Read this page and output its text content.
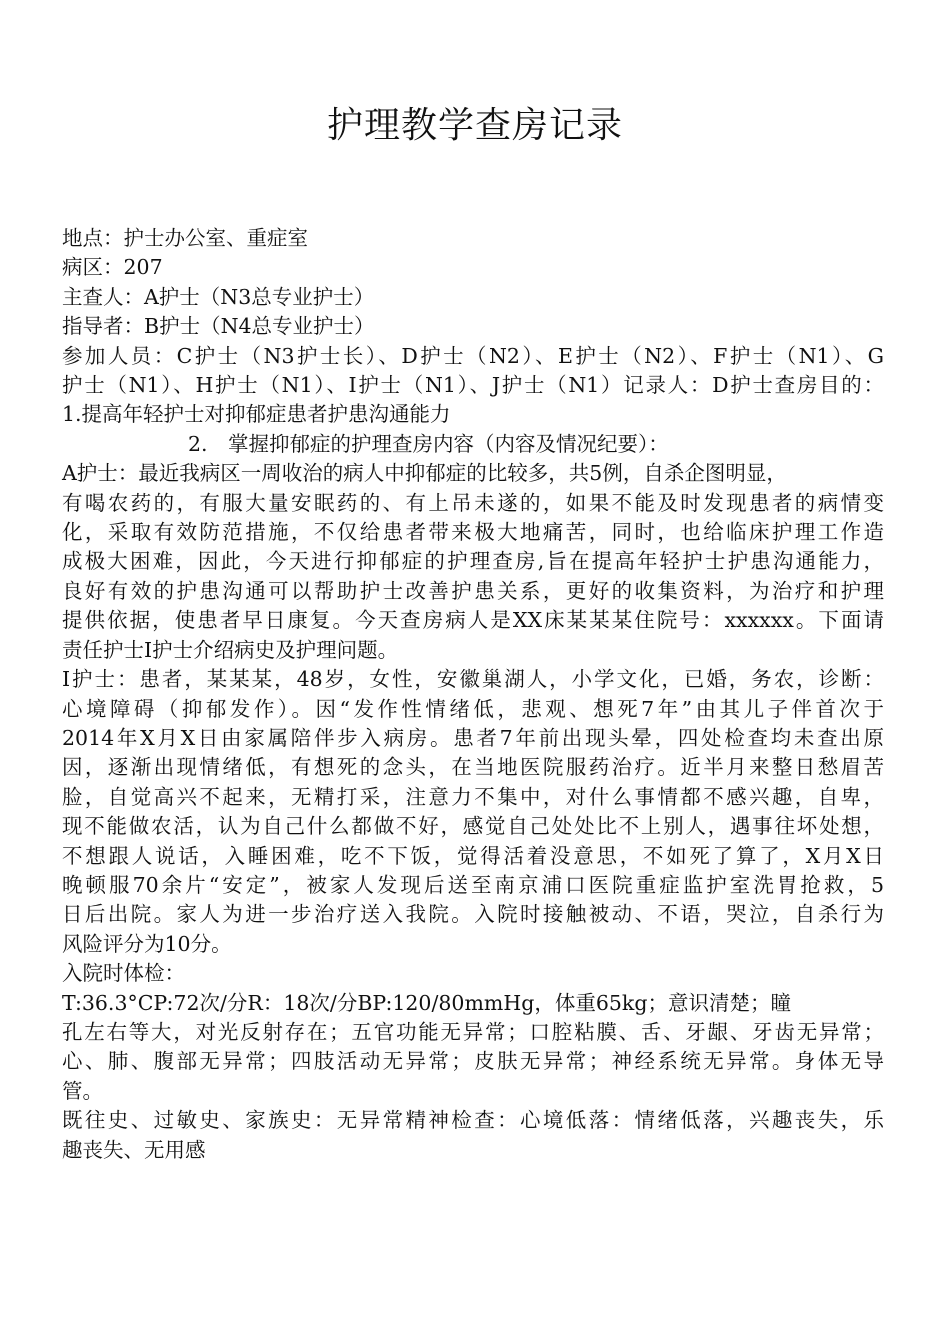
护理教学查房记录
地点：护士办公室、重症室
病区：207
主查人：A护士（N3总专业护士）
指导者：B护士（N4总专业护士）
参加人员：C护士（N3护士长）、D护士（N2）、E护士（N2）、F护士（N1）、G
护士（N1）、H护士（N1）、I护士（N1）、J护士（N1）记录人：D护士查房目的：
1.提高年轻护士对抑郁症患者护患沟通能力
2.　掌握抑郁症的护理查房内容（内容及情况纪要）：
A护士：最近我病区一周收治的病人中抑郁症的比较多，共5例，自杀企图明显，
有喝农药的，有服大量安眠药的、有上吊未遂的，如果不能及时发现患者的病情变
化，采取有效防范措施，不仅给患者带来极大地痛苦，同时，也给临床护理工作造
成极大困难，因此，今天进行抑郁症的护理查房,旨在提高年轻护士护患沟通能力，
良好有效的护患沟通可以帮助护士改善护患关系，更好的收集资料，为治疗和护理
提供依据，使患者早日康复。今天查房病人是XX床某某某住院号：xxxxxx。下面请
责任护士I护士介绍病史及护理问题。
I护士：患者，某某某，48岁，女性，安徽巢湖人，小学文化，已婚，务农，诊断：
心境障碍（抑郁发作）。因“发作性情绪低，悲观、想死7年”由其儿子伴首次于
2014年X月X日由家属陪伴步入病房。患者7年前出现头晕，四处检查均未查出原
因，逐渐出现情绪低，有想死的念头，在当地医院服药治疗。近半月来整日愁眉苦
脸，自觉高兴不起来，无精打采，注意力不集中，对什么事情都不感兴趣，自卑，
现不能做农活，认为自己什么都做不好，感觉自己处处比不上别人，遇事往坏处想，
不想跟人说话，入睡困难，吃不下饭，觉得活着没意思，不如死了算了，X月X日
晚顿服70余片“安定”，被家人发现后送至南京浦口医院重症监护室洗胃抢救，5
日后出院。家人为进一步治疗送入我院。入院时接触被动、不语，哭泣，自杀行为
风险评分为10分。
入院时体检：
T:36.3°CP:72次/分R：18次/分BP:120/80mmHg，体重65kg；意识清楚；瞳
孔左右等大，对光反射存在；五官功能无异常；口腔粘膜、舌、牙龈、牙齿无异常；
心、肺、腹部无异常；四肢活动无异常；皮肤无异常；神经系统无异常。身体无导
管。
既往史、过敏史、家族史：无异常精神检查：心境低落：情绪低落，兴趣丧失，乐
趣丧失、无用感
